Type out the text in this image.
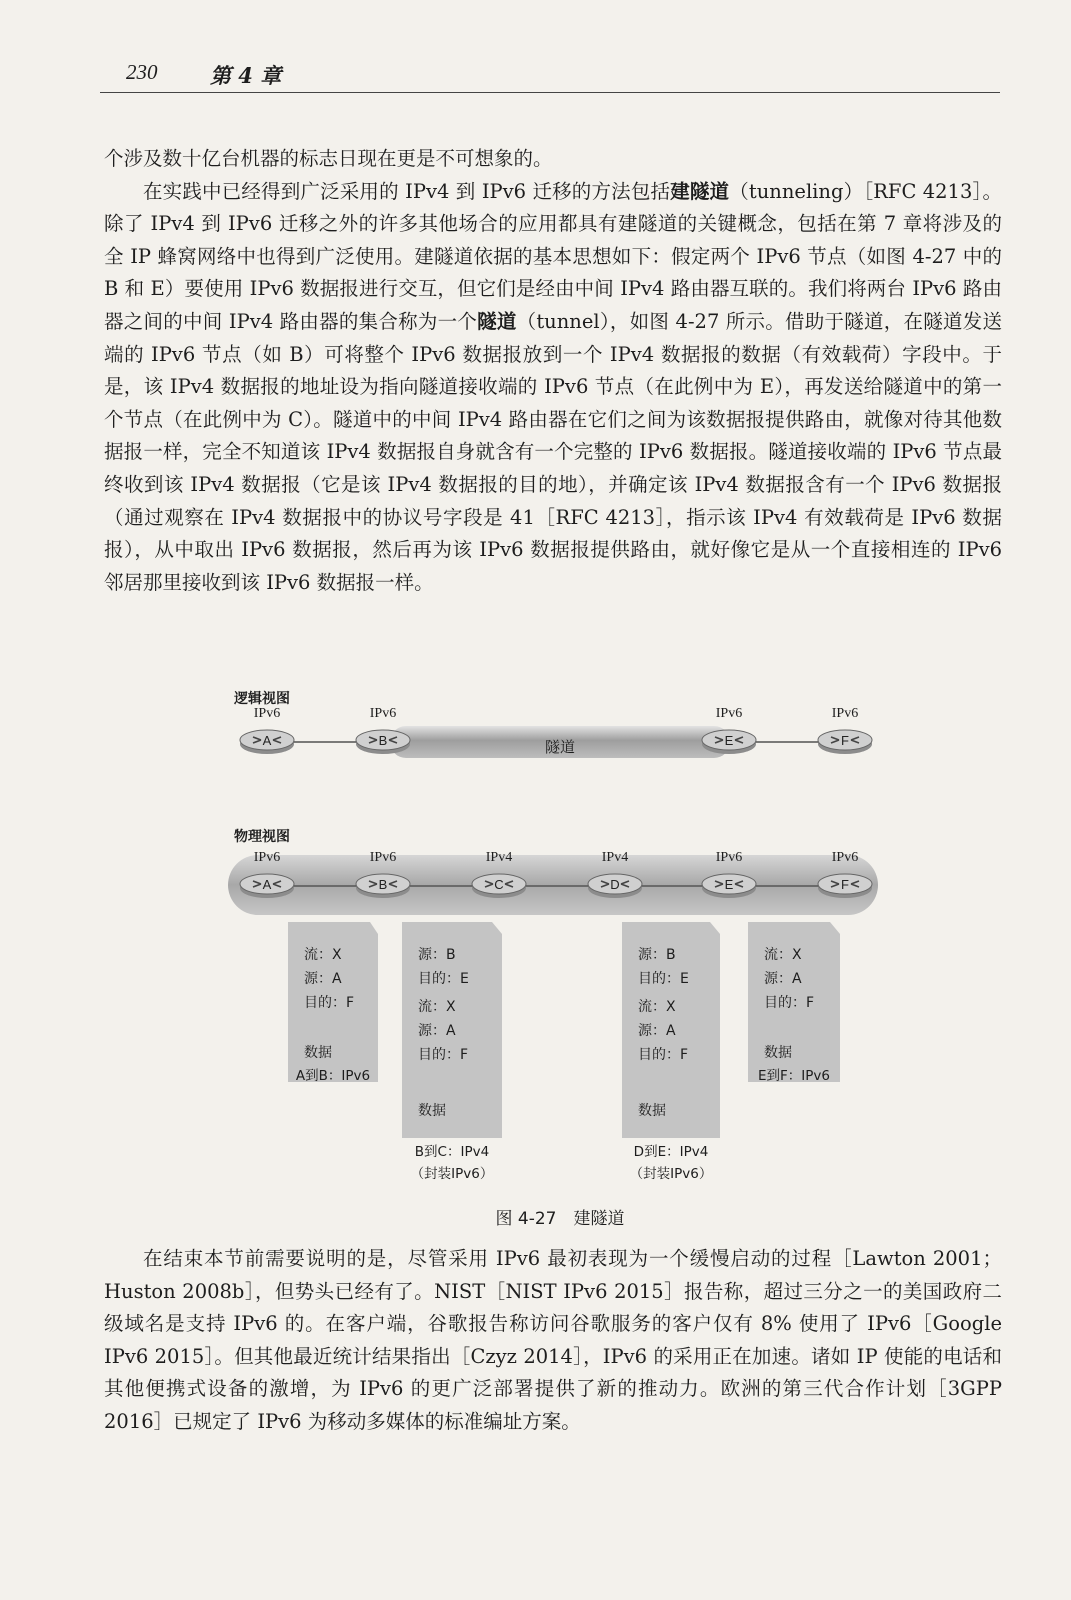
230	第 4 章

个涉及数十亿台机器的标志日现在更是不可想象的。

在实践中已经得到广泛采用的 IPv4 到 IPv6 迁移的方法包括建隧道（tunneling）［RFC 4213］。除了 IPv4 到 IPv6 迁移之外的许多其他场合的应用都具有建隧道的关键概念，包括在第 7 章将涉及的全 IP 蜂窝网络中也得到广泛使用。建隧道依据的基本思想如下：假定两个 IPv6 节点（如图 4-27 中的 B 和 E）要使用 IPv6 数据报进行交互，但它们是经由中间 IPv4 路由器互联的。我们将两台 IPv6 路由器之间的中间 IPv4 路由器的集合称为一个隧道（tunnel），如图 4-27 所示。借助于隧道，在隧道发送端的 IPv6 节点（如 B）可将整个 IPv6 数据报放到一个 IPv4 数据报的数据（有效载荷）字段中。于是，该 IPv4 数据报的地址设为指向隧道接收端的 IPv6 节点（在此例中为 E），再发送给隧道中的第一个节点（在此例中为 C）。隧道中的中间 IPv4 路由器在它们之间为该数据报提供路由，就像对待其他数据报一样，完全不知道该 IPv4 数据报自身就含有一个完整的 IPv6 数据报。隧道接收端的 IPv6 节点最终收到该 IPv4 数据报（它是该 IPv4 数据报的目的地），并确定该 IPv4 数据报含有一个 IPv6 数据报（通过观察在 IPv4 数据报中的协议号字段是 41［RFC 4213］，指示该 IPv4 有效载荷是 IPv6 数据报），从中取出 IPv6 数据报，然后再为该 IPv6 数据报提供路由，就好像它是从一个直接相连的 IPv6 邻居那里接收到该 IPv6 数据报一样。

逻辑视图
隧道
物理视图
IPv6
A
IPv6
B
IPv6
E
IPv6
F
IPv6
A
IPv6
B
IPv4
C
IPv4
D
IPv6
E
IPv6
F
流：X
源：A
目的：F
数据
A到B：IPv6
源：B
目的：E
流：X
源：A
目的：F
数据
B到C：IPv4
（封装IPv6）
源：B
目的：E
流：X
源：A
目的：F
数据
D到E：IPv4
（封装IPv6）
流：X
源：A
目的：F
数据
E到F：IPv6
图 4-27　建隧道

在结束本节前需要说明的是，尽管采用 IPv6 最初表现为一个缓慢启动的过程［Lawton 2001；Huston 2008b］，但势头已经有了。NIST［NIST IPv6 2015］报告称，超过三分之一的美国政府二级域名是支持 IPv6 的。在客户端，谷歌报告称访问谷歌服务的客户仅有 8% 使用了 IPv6［Google IPv6 2015］。但其他最近统计结果指出［Czyz 2014］，IPv6 的采用正在加速。诸如 IP 使能的电话和其他便携式设备的激增，为 IPv6 的更广泛部署提供了新的推动力。欧洲的第三代合作计划［3GPP 2016］已规定了 IPv6 为移动多媒体的标准编址方案。
